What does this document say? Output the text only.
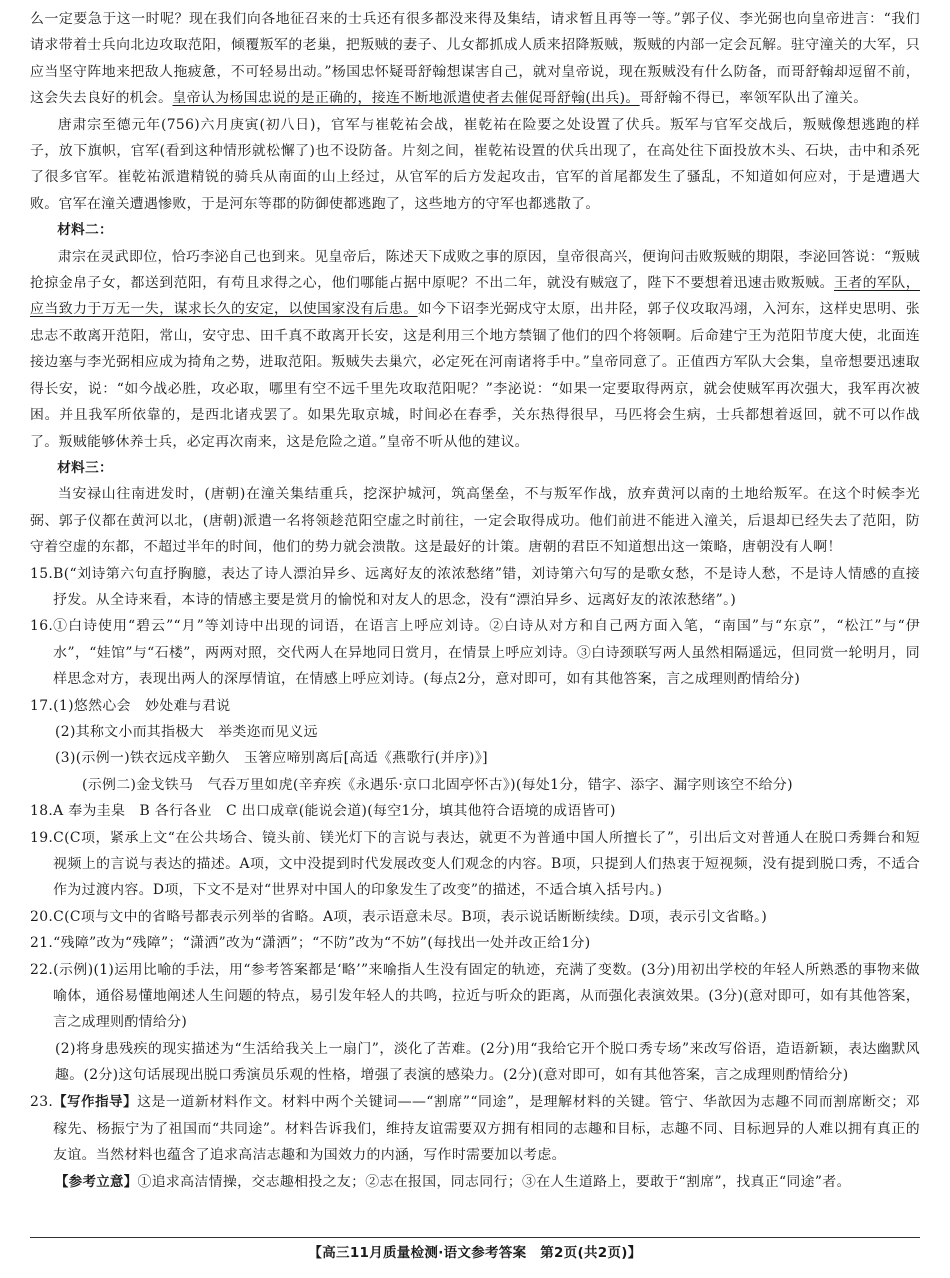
么一定要急于这一时呢？现在我们向各地征召来的士兵还有很多都没来得及集结，请求暂且再等一等。”郭子仪、李光弼也向皇帝进言：“我们请求带着士兵向北边攻取范阳，倾覆叛军的老巢，把叛贼的妻子、儿女都抓成人质来招降叛贼，叛贼的内部一定会瓦解。驻守潼关的大军，只应当坚守阵地来把敌人拖疲惫，不可轻易出动。”杨国忠怀疑哥舒翰想谋害自己，就对皇帝说，现在叛贼没有什么防备，而哥舒翰却逗留不前，这会失去良好的机会。皇帝认为杨国忠说的是正确的，接连不断地派遣使者去催促哥舒翰(出兵)。哥舒翰不得已，率领军队出了潼关。

唐肃宗至德元年(756)六月庚寅(初八日)，官军与崔乾祐会战，崔乾祐在险要之处设置了伏兵。叛军与官军交战后，叛贼像想逃跑的样子，放下旗帜，官军(看到这种情形就松懈了)也不设防备。片刻之间，崔乾祐设置的伏兵出现了，在高处往下面投放木头、石块，击中和杀死了很多官军。崔乾祐派遣精锐的骑兵从南面的山上经过，从官军的后方发起攻击，官军的首尾都发生了骚乱，不知道如何应对，于是遭遇大败。官军在潼关遭遇惨败，于是河东等郡的防御使都逃跑了，这些地方的守军也都逃散了。

材料二：

肃宗在灵武即位，恰巧李泌自己也到来。见皇帝后，陈述天下成败之事的原因，皇帝很高兴，便询问击败叛贼的期限，李泌回答说：“叛贼抢掠金帛子女，都送到范阳，有苟且求得之心，他们哪能占据中原呢？不出二年，就没有贼寇了，陛下不要想着迅速击败叛贼。王者的军队，应当致力于万无一失，谋求长久的安定，以使国家没有后患。如今下诏李光弼戍守太原，出井陉，郭子仪攻取冯翊，入河东，这样史思明、张忠志不敢离开范阳，常山，安守忠、田千真不敢离开长安，这是利用三个地方禁锢了他们的四个将领啊。后命建宁王为范阳节度大使，北面连接边塞与李光弼相应成为掎角之势，进取范阳。叛贼失去巢穴，必定死在河南诸将手中。”皇帝同意了。正值西方军队大会集，皇帝想要迅速取得长安，说：“如今战必胜，攻必取，哪里有空不远千里先攻取范阳呢？”李泌说：“如果一定要取得两京，就会使贼军再次强大，我军再次被困。并且我军所依靠的，是西北诸戎罢了。如果先取京城，时间必在春季，关东热得很早，马匹将会生病，士兵都想着返回，就不可以作战了。叛贼能够休养士兵，必定再次南来，这是危险之道。”皇帝不听从他的建议。

材料三：

当安禄山往南进发时，(唐朝)在潼关集结重兵，挖深护城河，筑高堡垒，不与叛军作战，放弃黄河以南的土地给叛军。在这个时候李光弼、郭子仪都在黄河以北，(唐朝)派遣一名将领趁范阳空虚之时前往，一定会取得成功。他们前进不能进入潼关，后退却已经失去了范阳，防守着空虚的东都，不超过半年的时间，他们的势力就会溃散。这是最好的计策。唐朝的君臣不知道想出这一策略，唐朝没有人啊！

15. B(“刘诗第六句直抒胸臆，表达了诗人漂泊异乡、远离好友的浓浓愁绪”错，刘诗第六句写的是歌女愁，不是诗人愁，不是诗人情感的直接抒发。从全诗来看，本诗的情感主要是赏月的愉悦和对友人的思念，没有“漂泊异乡、远离好友的浓浓愁绪”。)
16. ①白诗使用“碧云”“月”等刘诗中出现的词语，在语言上呼应刘诗。②白诗从对方和自己两方面入笔，“南国”与“东京”，“松江”与“伊水”，“娃馆”与“石楼”，两两对照，交代两人在异地同日赏月，在情景上呼应刘诗。③白诗颈联写两人虽然相隔遥远，但同赏一轮明月，同样思念对方，表现出两人的深厚情谊，在情感上呼应刘诗。(每点2分，意对即可，如有其他答案，言之成理则酌情给分)
17. (1)悠然心会　妙处难与君说

(2)其称文小而其指极大　举类迩而见义远

(3)(示例一)铁衣远戍辛勤久　玉箸应啼别离后[高适《燕歌行(并序)》]

(示例二)金戈铁马　气吞万里如虎(辛弃疾《永遇乐·京口北固亭怀古》)(每处1分，错字、添字、漏字则该空不给分)

18. A 奉为圭臬　B 各行各业　C 出口成章(能说会道)(每空1分，填其他符合语境的成语皆可)
19. C(C项，紧承上文“在公共场合、镜头前、镁光灯下的言说与表达，就更不为普通中国人所擅长了”，引出后文对普通人在脱口秀舞台和短视频上的言说与表达的描述。A项，文中没提到时代发展改变人们观念的内容。B项，只提到人们热衷于短视频，没有提到脱口秀，不适合作为过渡内容。D项，下文不是对“世界对中国人的印象发生了改变”的描述，不适合填入括号内。)
20. C(C项与文中的省略号都表示列举的省略。A项，表示语意未尽。B项，表示说话断断续续。D项，表示引文省略。)
21. “残障”改为“残障”；“潇洒”改为“潇洒”；“不防”改为“不妨”(每找出一处并改正给1分)
22. (示例)(1)运用比喻的手法，用“参考答案都是‘略’”来喻指人生没有固定的轨迹，充满了变数。(3分)用初出学校的年轻人所熟悉的事物来做喻体，通俗易懂地阐述人生问题的特点，易引发年轻人的共鸣，拉近与听众的距离，从而强化表演效果。(3分)(意对即可，如有其他答案，言之成理则酌情给分)

(2)将身患残疾的现实描述为“生活给我关上一扇门”，淡化了苦难。(2分)用“我给它开个脱口秀专场”来改写俗语，造语新颖，表达幽默风趣。(2分)这句话展现出脱口秀演员乐观的性格，增强了表演的感染力。(2分)(意对即可，如有其他答案，言之成理则酌情给分)

23. 【写作指导】这是一道新材料作文。材料中两个关键词——“割席”“同途”，是理解材料的关键。管宁、华歆因为志趣不同而割席断交；邓稼先、杨振宁为了祖国而“共同途”。材料告诉我们，维持友谊需要双方拥有相同的志趣和目标，志趣不同、目标迥异的人难以拥有真正的友谊。当然材料也蕴含了追求高洁志趣和为国效力的内涵，写作时需要加以考虑。

【参考立意】①追求高洁情操，交志趣相投之友；②志在报国，同志同行；③在人生道路上，要敢于“割席”，找真正“同途”者。

【高三11月质量检测·语文参考答案　第2页(共2页)】
